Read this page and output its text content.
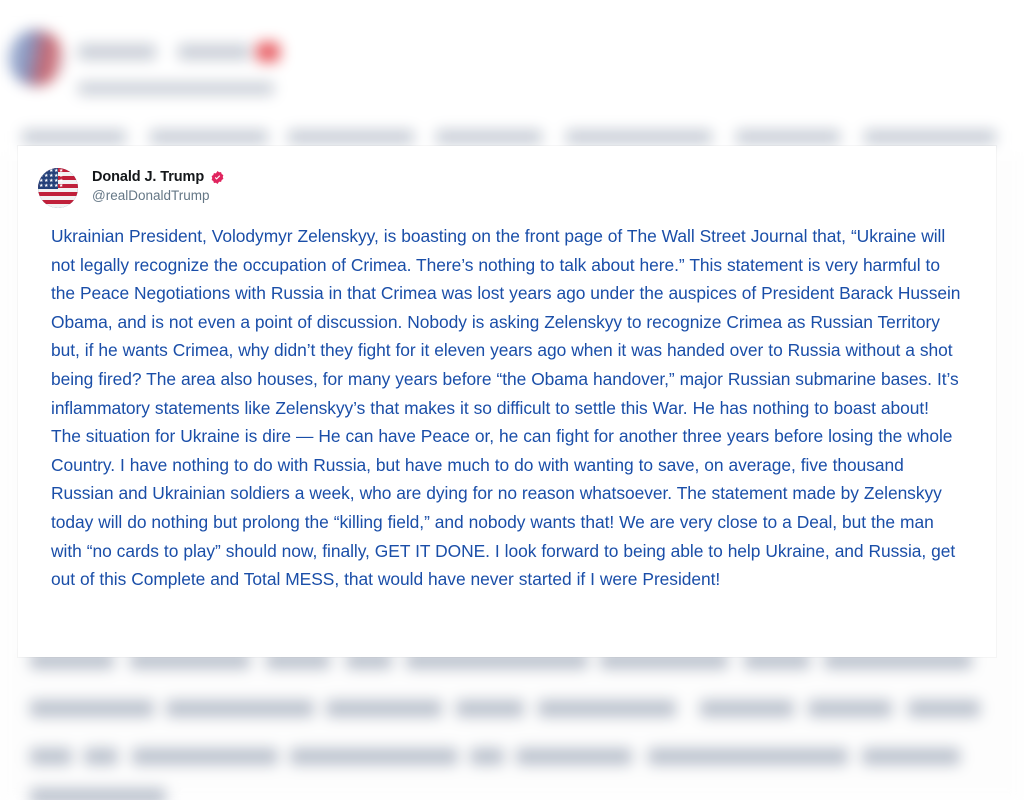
★★★★★
★★★★★
★★★★★
★★★★★
Donald J. Trump
@realDonaldTrump
Ukrainian President, Volodymyr Zelenskyy, is boasting on the front page of The Wall Street Journal that, “Ukraine will not legally recognize the occupation of Crimea. There’s nothing to talk about here.” This statement is very harmful to the Peace Negotiations with Russia in that Crimea was lost years ago under the auspices of President Barack Hussein Obama, and is not even a point of discussion. Nobody is asking Zelenskyy to recognize Crimea as Russian Territory but, if he wants Crimea, why didn’t they fight for it eleven years ago when it was handed over to Russia without a shot being fired? The area also houses, for many years before “the Obama handover,” major Russian submarine bases. It’s inflammatory statements like Zelenskyy’s that makes it so difficult to settle this War. He has nothing to boast about! The situation for Ukraine is dire — He can have Peace or, he can fight for another three years before losing the whole Country. I have nothing to do with Russia, but have much to do with wanting to save, on average, five thousand Russian and Ukrainian soldiers a week, who are dying for no reason whatsoever. The statement made by Zelenskyy today will do nothing but prolong the “killing field,” and nobody wants that! We are very close to a Deal, but the man with “no cards to play” should now, finally, GET IT DONE. I look forward to being able to help Ukraine, and Russia, get out of this Complete and Total MESS, that would have never started if I were President!
